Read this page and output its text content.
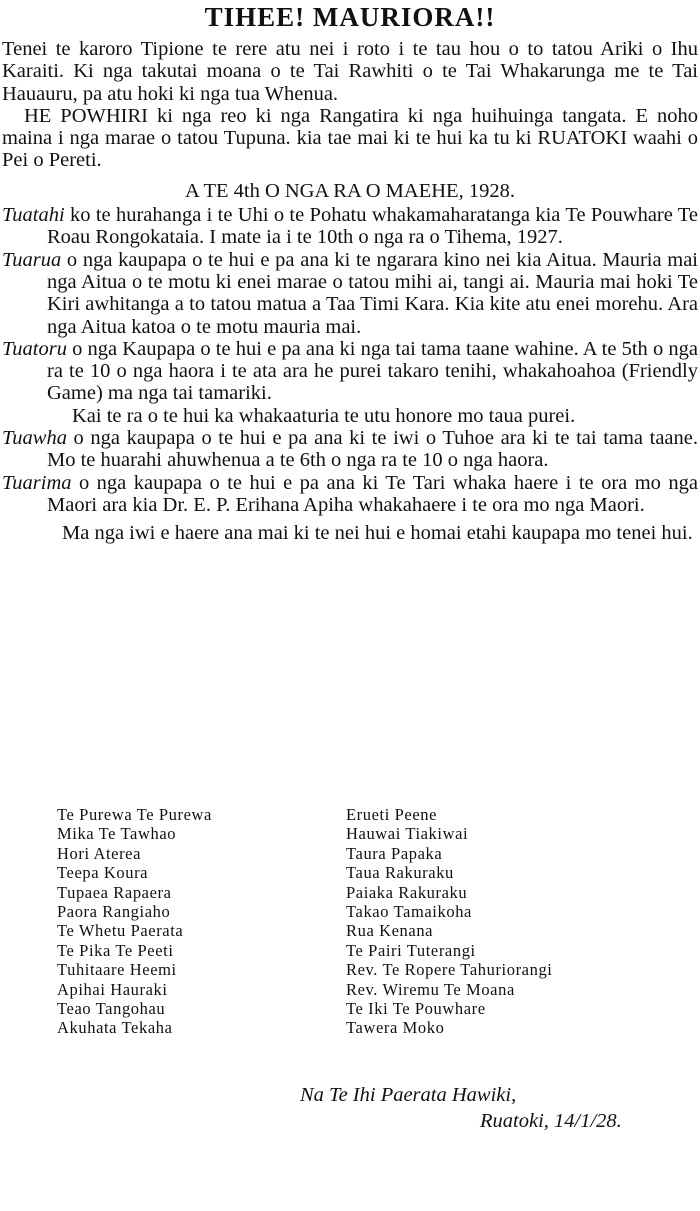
TIHEE! MAURIORA!!

Tenei te karoro Tipione te rere atu nei i roto i te tau hou o to tatou Ariki o Ihu Karaiti. Ki nga takutai moana o te Tai Rawhiti o te Tai Whakarunga me te Tai Hauauru, pa atu hoki ki nga tua Whenua.

HE POWHIRI ki nga reo ki nga Rangatira ki nga huihuinga tangata. E noho maina i nga marae o tatou Tupuna. kia tae mai ki te hui ka tu ki RUATOKI waahi o Pei o Pereti.

A TE 4th O NGA RA O MAEHE, 1928.

Tuatahi ko te hurahanga i te Uhi o te Pohatu whakamaharatanga kia Te Pouwhare Te Roau Rongokataia. I mate ia i te 10th o nga ra o Tihema, 1927.

Tuarua o nga kaupapa o te hui e pa ana ki te ngarara kino nei kia Aitua. Mauria mai nga Aitua o te motu ki enei marae o tatou mihi ai, tangi ai. Mauria mai hoki Te Kiri awhitanga a to tatou matua a Taa Timi Kara. Kia kite atu enei morehu. Ara nga Aitua katoa o te motu mauria mai.

Tuatoru o nga Kaupapa o te hui e pa ana ki nga tai tama taane wahine. A te 5th o nga ra te 10 o nga haora i te ata ara he purei takaro tenihi, whakahoahoa (Friendly Game) ma nga tai tamariki.

Kai te ra o te hui ka whakaaturia te utu honore mo taua purei.

Tuawha o nga kaupapa o te hui e pa ana ki te iwi o Tuhoe ara ki te tai tama taane. Mo te huarahi ahuwhenua a te 6th o nga ra te 10 o nga haora.

Tuarima o nga kaupapa o te hui e pa ana ki Te Tari whaka haere i te ora mo nga Maori ara kia Dr. E. P. Erihana Apiha whakahaere i te ora mo nga Maori.

Ma nga iwi e haere ana mai ki te nei hui e homai etahi kaupapa mo tenei hui.

Te Purewa Te Purewa
Mika Te Tawhao
Hori Aterea
Teepa Koura
Tupaea Rapaera
Paora Rangiaho
Te Whetu Paerata
Te Pika Te Peeti
Tuhitaare Heemi
Apihai Hauraki
Teao Tangohau
Akuhata Tekaha
Erueti Peene
Hauwai Tiakiwai
Taura Papaka
Taua Rakuraku
Paiaka Rakuraku
Takao Tamaikoha
Rua Kenana
Te Pairi Tuterangi
Rev. Te Ropere Tahuriorangi
Rev. Wiremu Te Moana
Te Iki Te Pouwhare
Tawera Moko
Na Te Ihi Paerata Hawiki,
Ruatoki, 14/1/28.
